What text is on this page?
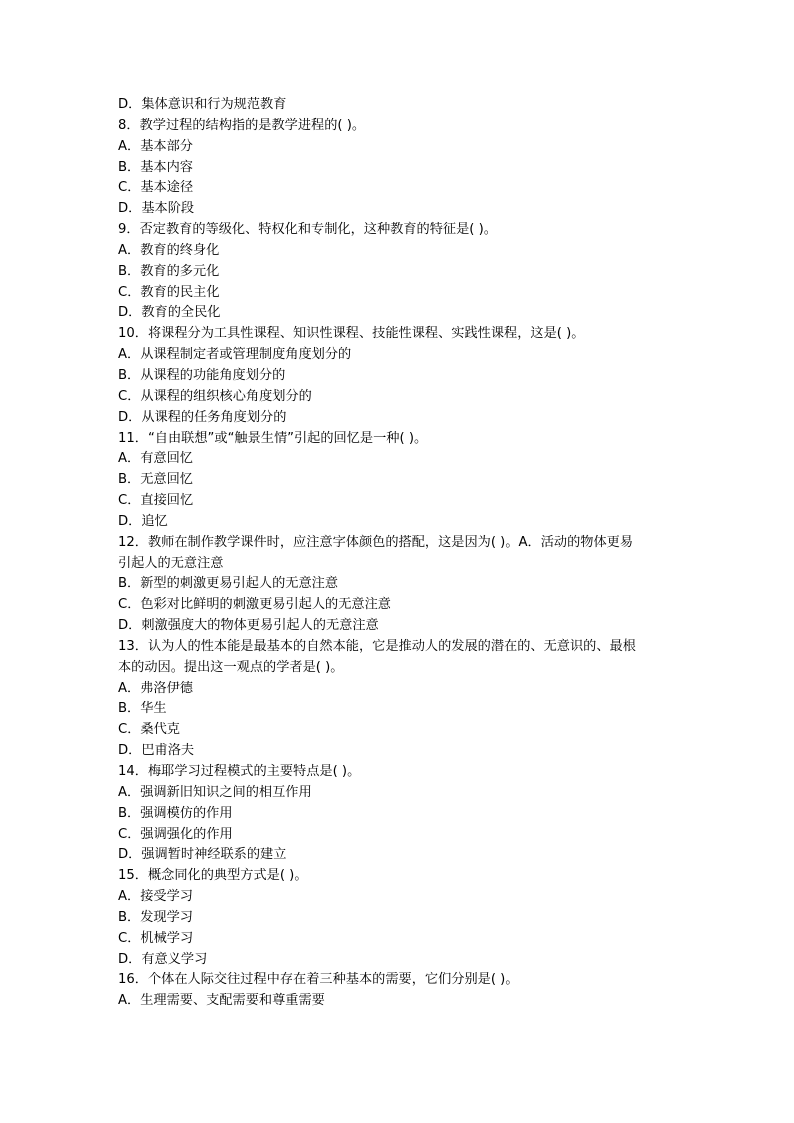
D．集体意识和行为规范教育

8．教学过程的结构指的是教学进程的( )。

A．基本部分

B．基本内容

C．基本途径

D．基本阶段

9．否定教育的等级化、特权化和专制化，这种教育的特征是( )。

A．教育的终身化

B．教育的多元化

C．教育的民主化

D．教育的全民化

10．将课程分为工具性课程、知识性课程、技能性课程、实践性课程，这是( )。

A．从课程制定者或管理制度角度划分的

B．从课程的功能角度划分的

C．从课程的组织核心角度划分的

D．从课程的任务角度划分的

11．“自由联想”或“触景生情”引起的回忆是一种( )。

A．有意回忆

B．无意回忆

C．直接回忆

D．追忆

12．教师在制作教学课件时，应注意字体颜色的搭配，这是因为( )。A．活动的物体更易

引起人的无意注意

B．新型的刺激更易引起人的无意注意

C．色彩对比鲜明的刺激更易引起人的无意注意

D．刺激强度大的物体更易引起人的无意注意

13．认为人的性本能是最基本的自然本能，它是推动人的发展的潜在的、无意识的、最根

本的动因。提出这一观点的学者是( )。

A．弗洛伊德

B．华生

C．桑代克

D．巴甫洛夫

14．梅耶学习过程模式的主要特点是( )。

A．强调新旧知识之间的相互作用

B．强调模仿的作用

C．强调强化的作用

D．强调暂时神经联系的建立

15．概念同化的典型方式是( )。

A．接受学习

B．发现学习

C．机械学习

D．有意义学习

16．个体在人际交往过程中存在着三种基本的需要，它们分别是( )。

A．生理需要、支配需要和尊重需要
